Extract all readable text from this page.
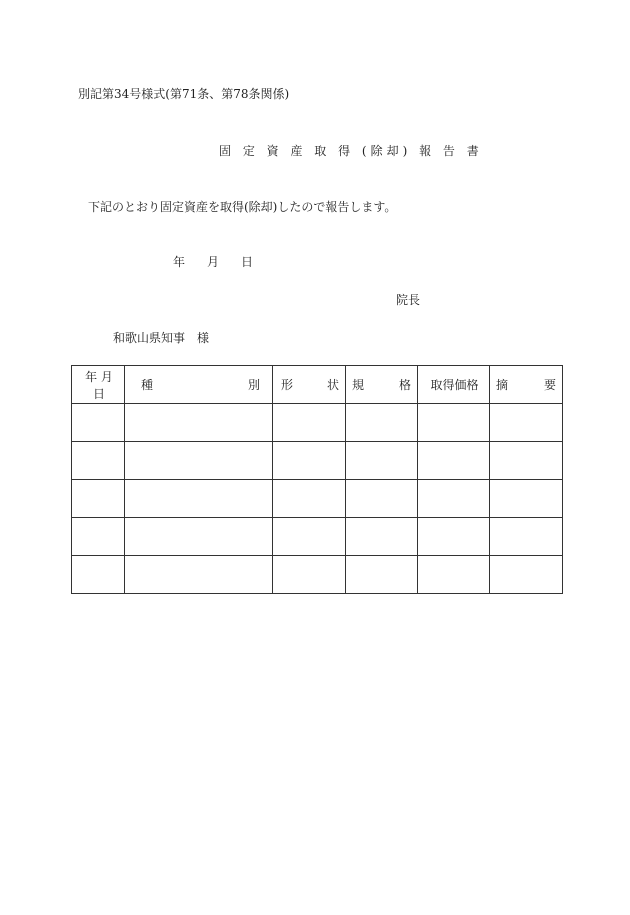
別記第34号様式(第71条、第78条関係)
固 定 資 産 取 得 (除却) 報 告 書
下記のとおり固定資産を取得(除却)したので報告します。
年 月 日
院長
和歌山県知事　様
年 月 日	種 別	形 状	規 格	取得価格	摘 要
